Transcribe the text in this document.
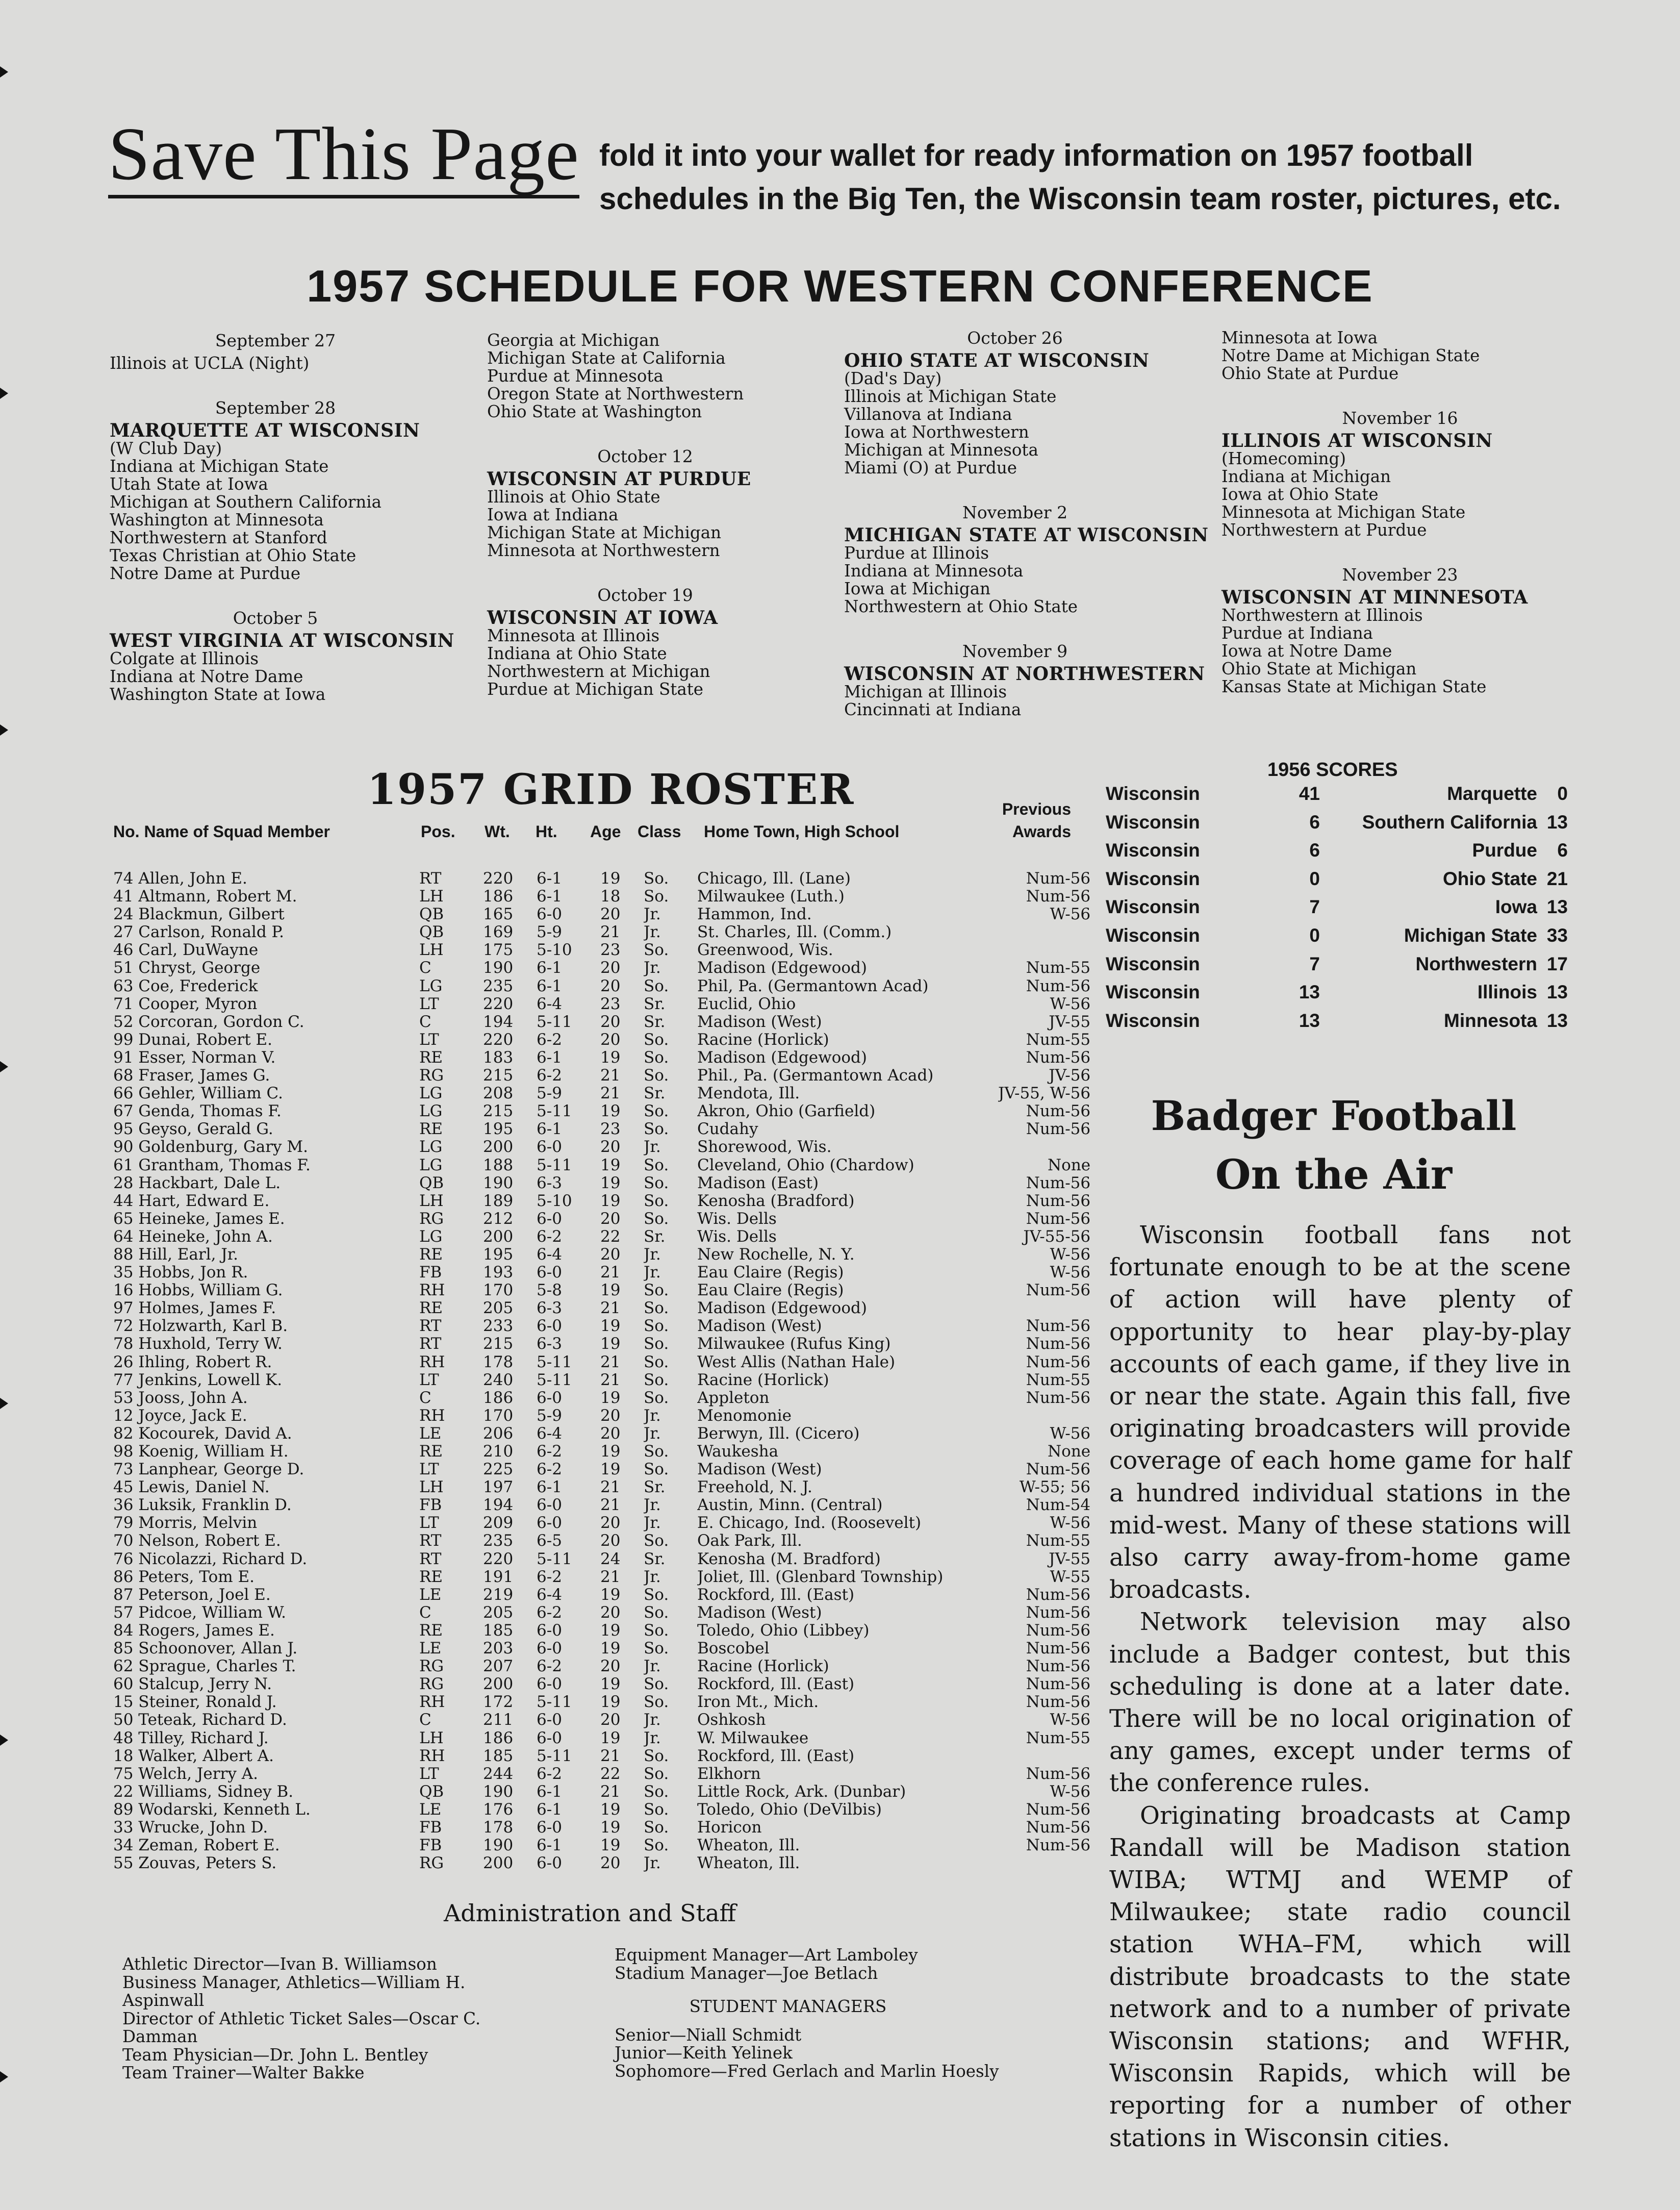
Save This Page fold it into your wallet for ready information on 1957 football schedules in the Big Ten, the Wisconsin team roster, pictures, etc.
1957 SCHEDULE FOR WESTERN CONFERENCE
September 27
Illinois at UCLA (Night)
September 28
MARQUETTE AT WISCONSIN
(W Club Day)
Indiana at Michigan State
Utah State at Iowa
Michigan at Southern California
Washington at Minnesota
Northwestern at Stanford
Texas Christian at Ohio State
Notre Dame at Purdue
October 5
WEST VIRGINIA AT WISCONSIN
Colgate at Illinois
Indiana at Notre Dame
Washington State at Iowa
Georgia at Michigan
Michigan State at California
Purdue at Minnesota
Oregon State at Northwestern
Ohio State at Washington
October 12
WISCONSIN AT PURDUE
Illinois at Ohio State
Iowa at Indiana
Michigan State at Michigan
Minnesota at Northwestern
October 19
WISCONSIN AT IOWA
Minnesota at Illinois
Indiana at Ohio State
Northwestern at Michigan
Purdue at Michigan State
October 26
OHIO STATE AT WISCONSIN
(Dad's Day)
Illinois at Michigan State
Villanova at Indiana
Iowa at Northwestern
Michigan at Minnesota
Miami (O) at Purdue
November 2
MICHIGAN STATE AT WISCONSIN
Purdue at Illinois
Indiana at Minnesota
Iowa at Michigan
Northwestern at Ohio State
November 9
WISCONSIN AT NORTHWESTERN
Michigan at Illinois
Cincinnati at Indiana
Minnesota at Iowa
Notre Dame at Michigan State
Ohio State at Purdue
November 16
ILLINOIS AT WISCONSIN
(Homecoming)
Indiana at Michigan
Iowa at Ohio State
Minnesota at Michigan State
Northwestern at Purdue
November 23
WISCONSIN AT MINNESOTA
Northwestern at Illinois
Purdue at Indiana
Iowa at Notre Dame
Ohio State at Michigan
Kansas State at Michigan State
1957 GRID ROSTER
No. Name of Squad Member	Pos. Wt. Ht. Age Class Home Town, High School
Previous
Awards
74 Allen, John E.	RT	220	6-1	19	So.	Chicago, Ill. (Lane)	Num-56
41 Altmann, Robert M.	LH	186	6-1	18	So.	Milwaukee (Luth.)	Num-56
24 Blackmun, Gilbert	QB	165	6-0	20	Jr.	Hammon, Ind.	W-56
27 Carlson, Ronald P.	QB	169	5-9	21	Jr.	St. Charles, Ill. (Comm.)	
46 Carl, DuWayne	LH	175	5-10	23	So.	Greenwood, Wis.	
51 Chryst, George	C	190	6-1	20	Jr.	Madison (Edgewood)	Num-55
63 Coe, Frederick	LG	235	6-1	20	So.	Phil, Pa. (Germantown Acad)	Num-56
71 Cooper, Myron	LT	220	6-4	23	Sr.	Euclid, Ohio	W-56
52 Corcoran, Gordon C.	C	194	5-11	20	Sr.	Madison (West)	JV-55
99 Dunai, Robert E.	LT	220	6-2	20	So.	Racine (Horlick)	Num-55
91 Esser, Norman V.	RE	183	6-1	19	So.	Madison (Edgewood)	Num-56
68 Fraser, James G.	RG	215	6-2	21	So.	Phil., Pa. (Germantown Acad)	JV-56
66 Gehler, William C.	LG	208	5-9	21	Sr.	Mendota, Ill.	JV-55, W-56
67 Genda, Thomas F.	LG	215	5-11	19	So.	Akron, Ohio (Garfield)	Num-56
95 Geyso, Gerald G.	RE	195	6-1	23	So.	Cudahy	Num-56
90 Goldenburg, Gary M.	LG	200	6-0	20	Jr.	Shorewood, Wis.	
61 Grantham, Thomas F.	LG	188	5-11	19	So.	Cleveland, Ohio (Chardow)	None
28 Hackbart, Dale L.	QB	190	6-3	19	So.	Madison (East)	Num-56
44 Hart, Edward E.	LH	189	5-10	19	So.	Kenosha (Bradford)	Num-56
65 Heineke, James E.	RG	212	6-0	20	So.	Wis. Dells	Num-56
64 Heineke, John A.	LG	200	6-2	22	Sr.	Wis. Dells	JV-55-56
88 Hill, Earl, Jr.	RE	195	6-4	20	Jr.	New Rochelle, N. Y.	W-56
35 Hobbs, Jon R.	FB	193	6-0	21	Jr.	Eau Claire (Regis)	W-56
16 Hobbs, William G.	RH	170	5-8	19	So.	Eau Claire (Regis)	Num-56
97 Holmes, James F.	RE	205	6-3	21	So.	Madison (Edgewood)	
72 Holzwarth, Karl B.	RT	233	6-0	19	So.	Madison (West)	Num-56
78 Huxhold, Terry W.	RT	215	6-3	19	So.	Milwaukee (Rufus King)	Num-56
26 Ihling, Robert R.	RH	178	5-11	21	So.	West Allis (Nathan Hale)	Num-56
77 Jenkins, Lowell K.	LT	240	5-11	21	So.	Racine (Horlick)	Num-55
53 Jooss, John A.	C	186	6-0	19	So.	Appleton	Num-56
12 Joyce, Jack E.	RH	170	5-9	20	Jr.	Menomonie	
82 Kocourek, David A.	LE	206	6-4	20	Jr.	Berwyn, Ill. (Cicero)	W-56
98 Koenig, William H.	RE	210	6-2	19	So.	Waukesha	None
73 Lanphear, George D.	LT	225	6-2	19	So.	Madison (West)	Num-56
45 Lewis, Daniel N.	LH	197	6-1	21	Sr.	Freehold, N. J.	W-55; 56
36 Luksik, Franklin D.	FB	194	6-0	21	Jr.	Austin, Minn. (Central)	Num-54
79 Morris, Melvin	LT	209	6-0	20	Jr.	E. Chicago, Ind. (Roosevelt)	W-56
70 Nelson, Robert E.	RT	235	6-5	20	So.	Oak Park, Ill.	Num-55
76 Nicolazzi, Richard D.	RT	220	5-11	24	Sr.	Kenosha (M. Bradford)	JV-55
86 Peters, Tom E.	RE	191	6-2	21	Jr.	Joliet, Ill. (Glenbard Township)	W-55
87 Peterson, Joel E.	LE	219	6-4	19	So.	Rockford, Ill. (East)	Num-56
57 Pidcoe, William W.	C	205	6-2	20	So.	Madison (West)	Num-56
84 Rogers, James E.	RE	185	6-0	19	So.	Toledo, Ohio (Libbey)	Num-56
85 Schoonover, Allan J.	LE	203	6-0	19	So.	Boscobel	Num-56
62 Sprague, Charles T.	RG	207	6-2	20	Jr.	Racine (Horlick)	Num-56
60 Stalcup, Jerry N.	RG	200	6-0	19	So.	Rockford, Ill. (East)	Num-56
15 Steiner, Ronald J.	RH	172	5-11	19	So.	Iron Mt., Mich.	Num-56
50 Teteak, Richard D.	C	211	6-0	20	Jr.	Oshkosh	W-56
48 Tilley, Richard J.	LH	186	6-0	19	Jr.	W. Milwaukee	Num-55
18 Walker, Albert A.	RH	185	5-11	21	So.	Rockford, Ill. (East)	
75 Welch, Jerry A.	LT	244	6-2	22	So.	Elkhorn	Num-56
22 Williams, Sidney B.	QB	190	6-1	21	So.	Little Rock, Ark. (Dunbar)	W-56
89 Wodarski, Kenneth L.	LE	176	6-1	19	So.	Toledo, Ohio (DeVilbis)	Num-56
33 Wrucke, John D.	FB	178	6-0	19	So.	Horicon	Num-56
34 Zeman, Robert E.	FB	190	6-1	19	So.	Wheaton, Ill.	Num-56
55 Zouvas, Peters S.	RG	200	6-0	20	Jr.	Wheaton, Ill.	
1956 SCORES
Wisconsin	41	Marquette	0
Wisconsin	6 Southern California 13
Wisconsin	6	Purdue	6
Wisconsin	0	Ohio State 21
Wisconsin	7	Iowa 13
Wisconsin	0	Michigan State 33
Wisconsin	7	Northwestern 17
Wisconsin	13	Illinois 13
Wisconsin	13	Minnesota 13
Badger Football
On the Air

Wisconsin football fans not fortunate enough to be at the scene of action will have plenty of opportunity to hear play-by-play accounts of each game, if they live in or near the state. Again this fall, five originating broadcasters will provide coverage of each home game for half a hundred individual stations in the mid-west. Many of these stations will also carry away-from-home game broadcasts.

Network television may also include a Badger contest, but this scheduling is done at a later date. There will be no local origination of any games, except under terms of the conference rules.

Originating broadcasts at Camp Randall will be Madison station WIBA; WTMJ and WEMP of Milwaukee; state radio council station WHA–FM, which will distribute broadcasts to the state network and to a number of private Wisconsin stations; and WFHR, Wisconsin Rapids, which will be reporting for a number of other stations in Wisconsin cities.

Administration and Staff
Athletic Director—Ivan B. Williamson
Business Manager, Athletics—William H. Aspinwall
Director of Athletic Ticket Sales—Oscar C. Damman
Team Physician—Dr. John L. Bentley
Team Trainer—Walter Bakke
Equipment Manager—Art Lamboley
Stadium Manager—Joe Betlach
STUDENT MANAGERS
Senior—Niall Schmidt
Junior—Keith Yelinek
Sophomore—Fred Gerlach and Marlin Hoesly
